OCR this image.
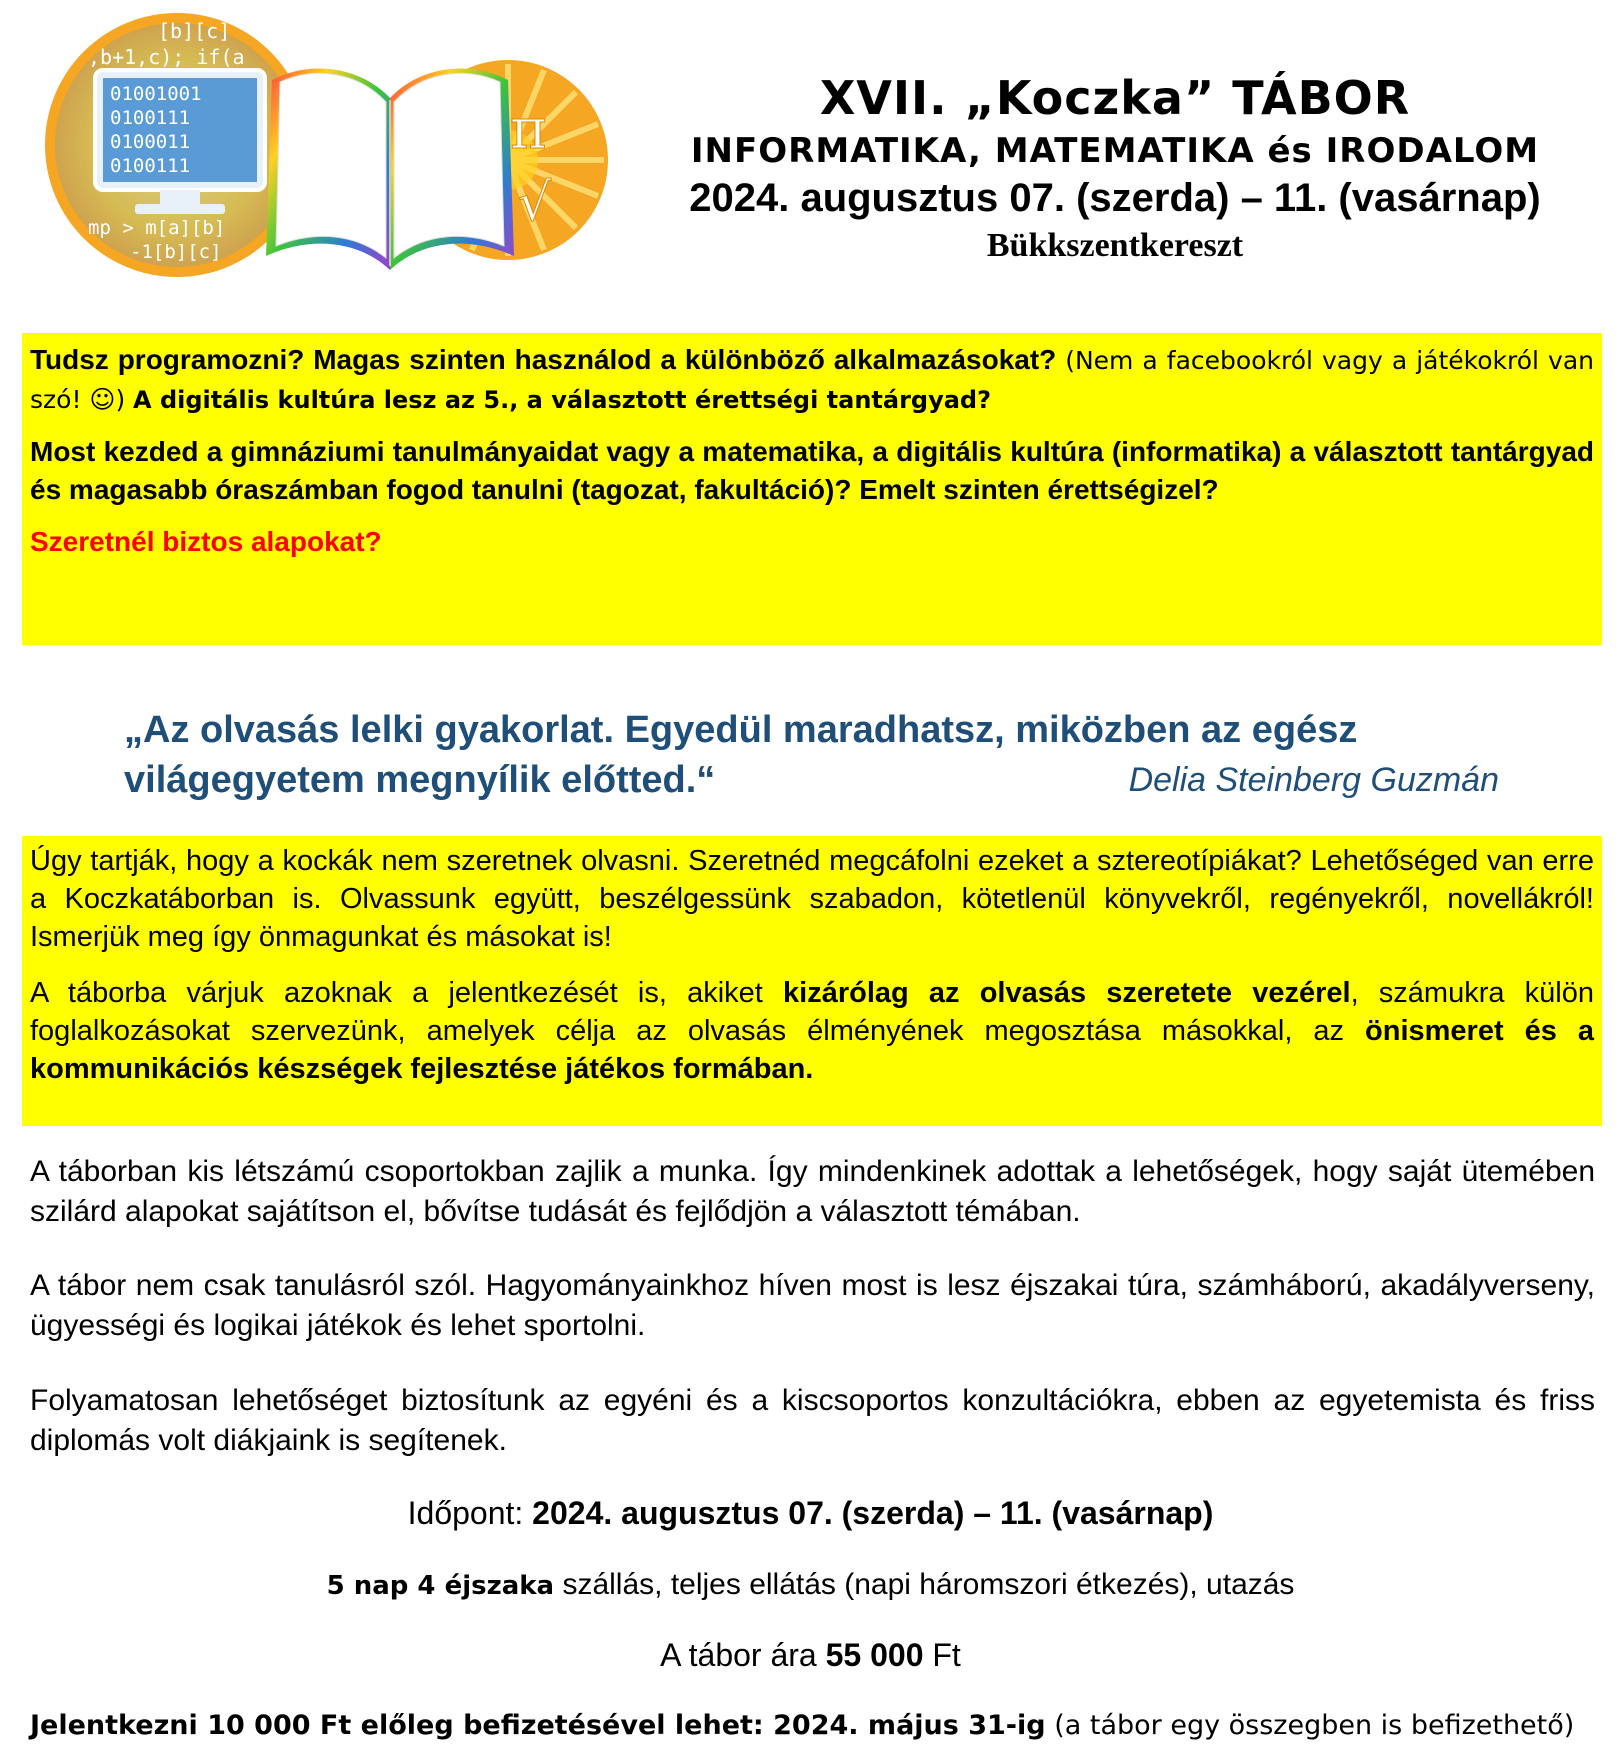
[b][c]
,b+1,c); if(a
01001001
0100111
0100011
0100111
mp > m[a][b]
-1[b][c]
π
√
XVII. „Koczka” TÁBOR
INFORMATIKA, MATEMATIKA és IRODALOM
2024. augusztus 07. (szerda) – 11. (vasárnap)
Bükkszentkereszt

Tudsz programozni? Magas szinten használod a különböző alkalmazásokat? (Nem a facebookról vagy a játékokról van szó! ☺) A digitális kultúra lesz az 5., a választott érettségi tantárgyad?

Most kezded a gimnáziumi tanulmányaidat vagy a matematika, a digitális kultúra (informatika) a választott tantárgyad és magasabb óraszámban fogod tanulni (tagozat, fakultáció)? Emelt szinten érettségizel?

Szeretnél biztos alapokat?

„Az olvasás lelki gyakorlat. Egyedül maradhatsz, miközben az egész világegyetem megnyílik előtted.“	Delia Steinberg Guzmán

Úgy tartják, hogy a kockák nem szeretnek olvasni. Szeretnéd megcáfolni ezeket a sztereotípiákat? Lehetőséged van erre a Koczkatáborban is. Olvassunk együtt, beszélgessünk szabadon, kötetlenül könyvekről, regényekről, novellákról! Ismerjük meg így önmagunkat és másokat is!

A táborba várjuk azoknak a jelentkezését is, akiket kizárólag az olvasás szeretete vezérel, számukra külön foglalkozásokat szervezünk, amelyek célja az olvasás élményének megosztása másokkal, az önismeret és a kommunikációs készségek fejlesztése játékos formában.

A táborban kis létszámú csoportokban zajlik a munka. Így mindenkinek adottak a lehetőségek, hogy saját ütemében szilárd alapokat sajátítson el, bővítse tudását és fejlődjön a választott témában.

A tábor nem csak tanulásról szól. Hagyományainkhoz híven most is lesz éjszakai túra, számháború, akadályverseny, ügyességi és logikai játékok és lehet sportolni.

Folyamatosan lehetőséget biztosítunk az egyéni és a kiscsoportos konzultációkra, ebben az egyetemista és friss diplomás volt diákjaink is segítenek.

Időpont: 2024. augusztus 07. (szerda) – 11. (vasárnap)

5 nap 4 éjszaka szállás, teljes ellátás (napi háromszori étkezés), utazás

A tábor ára 55 000 Ft

Jelentkezni 10 000 Ft előleg befizetésével lehet: 2024. május 31-ig (a tábor egy összegben is befizethető)
